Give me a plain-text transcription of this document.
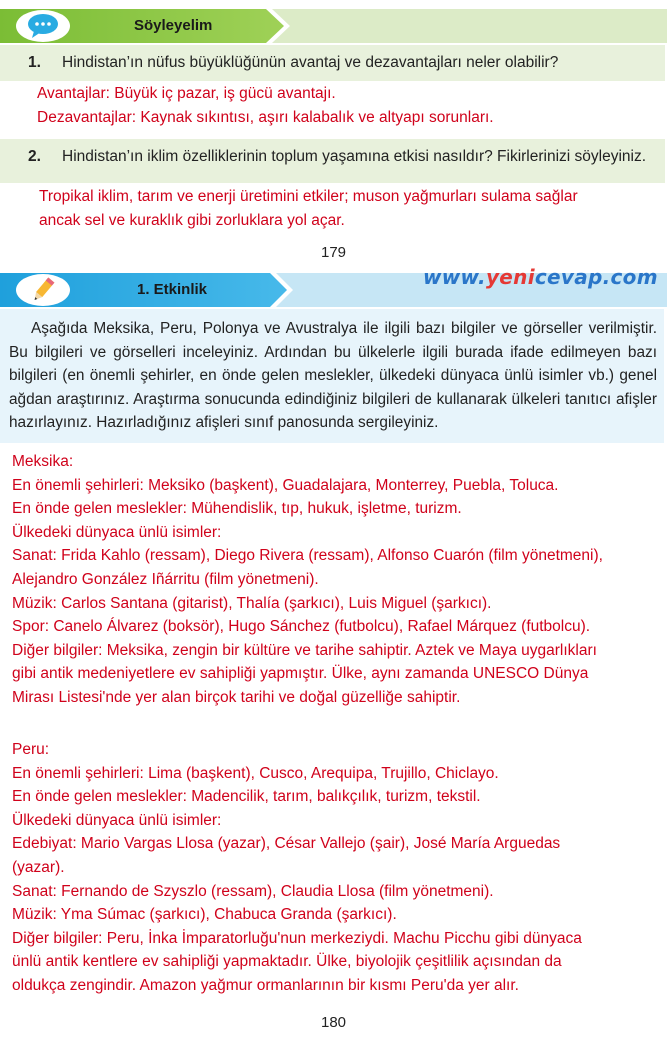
Söyleyelim
1. Hindistan’ın nüfus büyüklüğünün avantaj ve dezavantajları neler olabilir?
Avantajlar: Büyük iç pazar, iş gücü avantajı.
Dezavantajlar: Kaynak sıkıntısı, aşırı kalabalık ve altyapı sorunları.
2. Hindistan’ın iklim özelliklerinin toplum yaşamına etkisi nasıldır? Fikirlerinizi söyleyiniz.
Tropikal iklim, tarım ve enerji üretimini etkiler; muson yağmurları sulama sağlar
ancak sel ve kuraklık gibi zorluklara yol açar.
179
1. Etkinlik
www.yenicevap.com

Aşağıda Meksika, Peru, Polonya ve Avustralya ile ilgili bazı bilgiler ve görseller verilmiştir. Bu bilgileri ve görselleri inceleyiniz. Ardından bu ülkelerle ilgili burada ifade edilmeyen bazı bilgileri (en önemli şehirler, en önde gelen meslekler, ülkedeki dünyaca ünlü isimler vb.) genel ağdan araştırınız. Araştırma sonucunda edindiğiniz bilgileri de kullanarak ülkeleri tanıtıcı afişler hazırlayınız. Hazırladığınız afişleri sınıf panosunda sergileyiniz.

Meksika:
En önemli şehirleri: Meksiko (başkent), Guadalajara, Monterrey, Puebla, Toluca.
En önde gelen meslekler: Mühendislik, tıp, hukuk, işletme, turizm.
Ülkedeki dünyaca ünlü isimler:
Sanat: Frida Kahlo (ressam), Diego Rivera (ressam), Alfonso Cuarón (film yönetmeni),
Alejandro González Iñárritu (film yönetmeni).
Müzik: Carlos Santana (gitarist), Thalía (şarkıcı), Luis Miguel (şarkıcı).
Spor: Canelo Álvarez (boksör), Hugo Sánchez (futbolcu), Rafael Márquez (futbolcu).
Diğer bilgiler: Meksika, zengin bir kültüre ve tarihe sahiptir. Aztek ve Maya uygarlıkları
gibi antik medeniyetlere ev sahipliği yapmıştır. Ülke, aynı zamanda UNESCO Dünya
Mirası Listesi'nde yer alan birçok tarihi ve doğal güzelliğe sahiptir.
Peru:
En önemli şehirleri: Lima (başkent), Cusco, Arequipa, Trujillo, Chiclayo.
En önde gelen meslekler: Madencilik, tarım, balıkçılık, turizm, tekstil.
Ülkedeki dünyaca ünlü isimler:
Edebiyat: Mario Vargas Llosa (yazar), César Vallejo (şair), José María Arguedas
(yazar).
Sanat: Fernando de Szyszlo (ressam), Claudia Llosa (film yönetmeni).
Müzik: Yma Súmac (şarkıcı), Chabuca Granda (şarkıcı).
Diğer bilgiler: Peru, İnka İmparatorluğu'nun merkeziydi. Machu Picchu gibi dünyaca
ünlü antik kentlere ev sahipliği yapmaktadır. Ülke, biyolojik çeşitlilik açısından da
oldukça zengindir. Amazon yağmur ormanlarının bir kısmı Peru'da yer alır.
180
